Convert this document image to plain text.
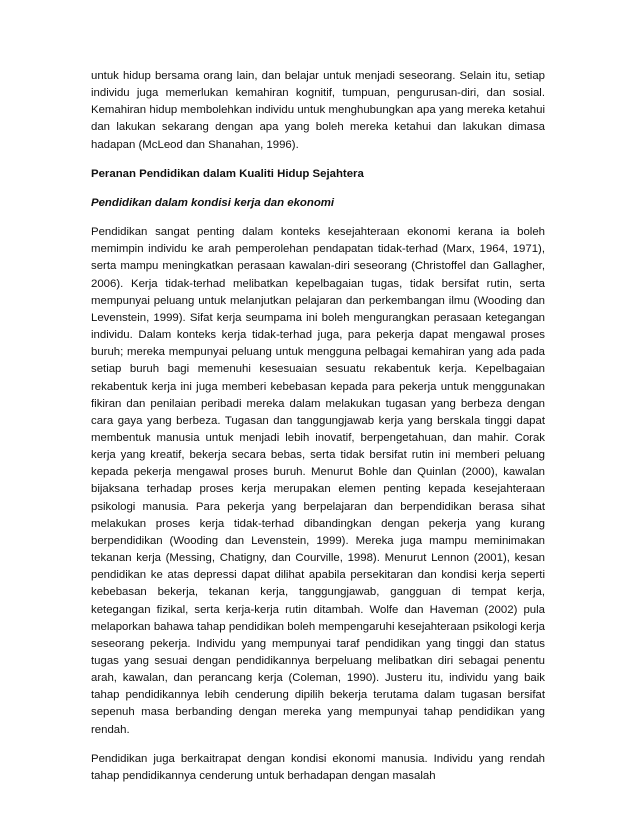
untuk hidup bersama orang lain, dan belajar untuk menjadi seseorang. Selain itu, setiap individu juga memerlukan kemahiran kognitif, tumpuan, pengurusan-diri, dan sosial. Kemahiran hidup membolehkan individu untuk menghubungkan apa yang mereka ketahui dan lakukan sekarang dengan apa yang boleh mereka ketahui dan lakukan dimasa hadapan (McLeod dan Shanahan, 1996).

Peranan Pendidikan dalam Kualiti Hidup Sejahtera

Pendidikan dalam kondisi kerja dan ekonomi

Pendidikan sangat penting dalam konteks kesejahteraan ekonomi kerana ia boleh memimpin individu ke arah pemperolehan pendapatan tidak-terhad (Marx, 1964, 1971), serta mampu meningkatkan perasaan kawalan-diri seseorang (Christoffel dan Gallagher, 2006). Kerja tidak-terhad melibatkan kepelbagaian tugas, tidak bersifat rutin, serta mempunyai peluang untuk melanjutkan pelajaran dan perkembangan ilmu (Wooding dan Levenstein, 1999). Sifat kerja seumpama ini boleh mengurangkan perasaan ketegangan individu. Dalam konteks kerja tidak-terhad juga, para pekerja dapat mengawal proses buruh; mereka mempunyai peluang untuk mengguna pelbagai kemahiran yang ada pada setiap buruh bagi memenuhi kesesuaian sesuatu rekabentuk kerja. Kepelbagaian rekabentuk kerja ini juga memberi kebebasan kepada para pekerja untuk menggunakan fikiran dan penilaian peribadi mereka dalam melakukan tugasan yang berbeza dengan cara gaya yang berbeza. Tugasan dan tanggungjawab kerja yang berskala tinggi dapat membentuk manusia untuk menjadi lebih inovatif, berpengetahuan, dan mahir. Corak kerja yang kreatif, bekerja secara bebas, serta tidak bersifat rutin ini memberi peluang kepada pekerja mengawal proses buruh. Menurut Bohle dan Quinlan (2000), kawalan bijaksana terhadap proses kerja merupakan elemen penting kepada kesejahteraan psikologi manusia. Para pekerja yang berpelajaran dan berpendidikan berasa sihat melakukan proses kerja tidak-terhad dibandingkan dengan pekerja yang kurang berpendidikan (Wooding dan Levenstein, 1999). Mereka juga mampu meminimakan tekanan kerja (Messing, Chatigny, dan Courville, 1998). Menurut Lennon (2001), kesan pendidikan ke atas depressi dapat dilihat apabila persekitaran dan kondisi kerja seperti kebebasan bekerja, tekanan kerja, tanggungjawab, gangguan di tempat kerja, ketegangan fizikal, serta kerja-kerja rutin ditambah. Wolfe dan Haveman (2002) pula melaporkan bahawa tahap pendidikan boleh mempengaruhi kesejahteraan psikologi kerja seseorang pekerja. Individu yang mempunyai taraf pendidikan yang tinggi dan status tugas yang sesuai dengan pendidikannya berpeluang melibatkan diri sebagai penentu arah, kawalan, dan perancang kerja (Coleman, 1990). Justeru itu, individu yang baik tahap pendidikannya lebih cenderung dipilih bekerja terutama dalam tugasan bersifat sepenuh masa berbanding dengan mereka yang mempunyai tahap pendidikan yang rendah.

Pendidikan juga berkaitrapat dengan kondisi ekonomi manusia. Individu yang rendah tahap pendidikannya cenderung untuk berhadapan dengan masalah
